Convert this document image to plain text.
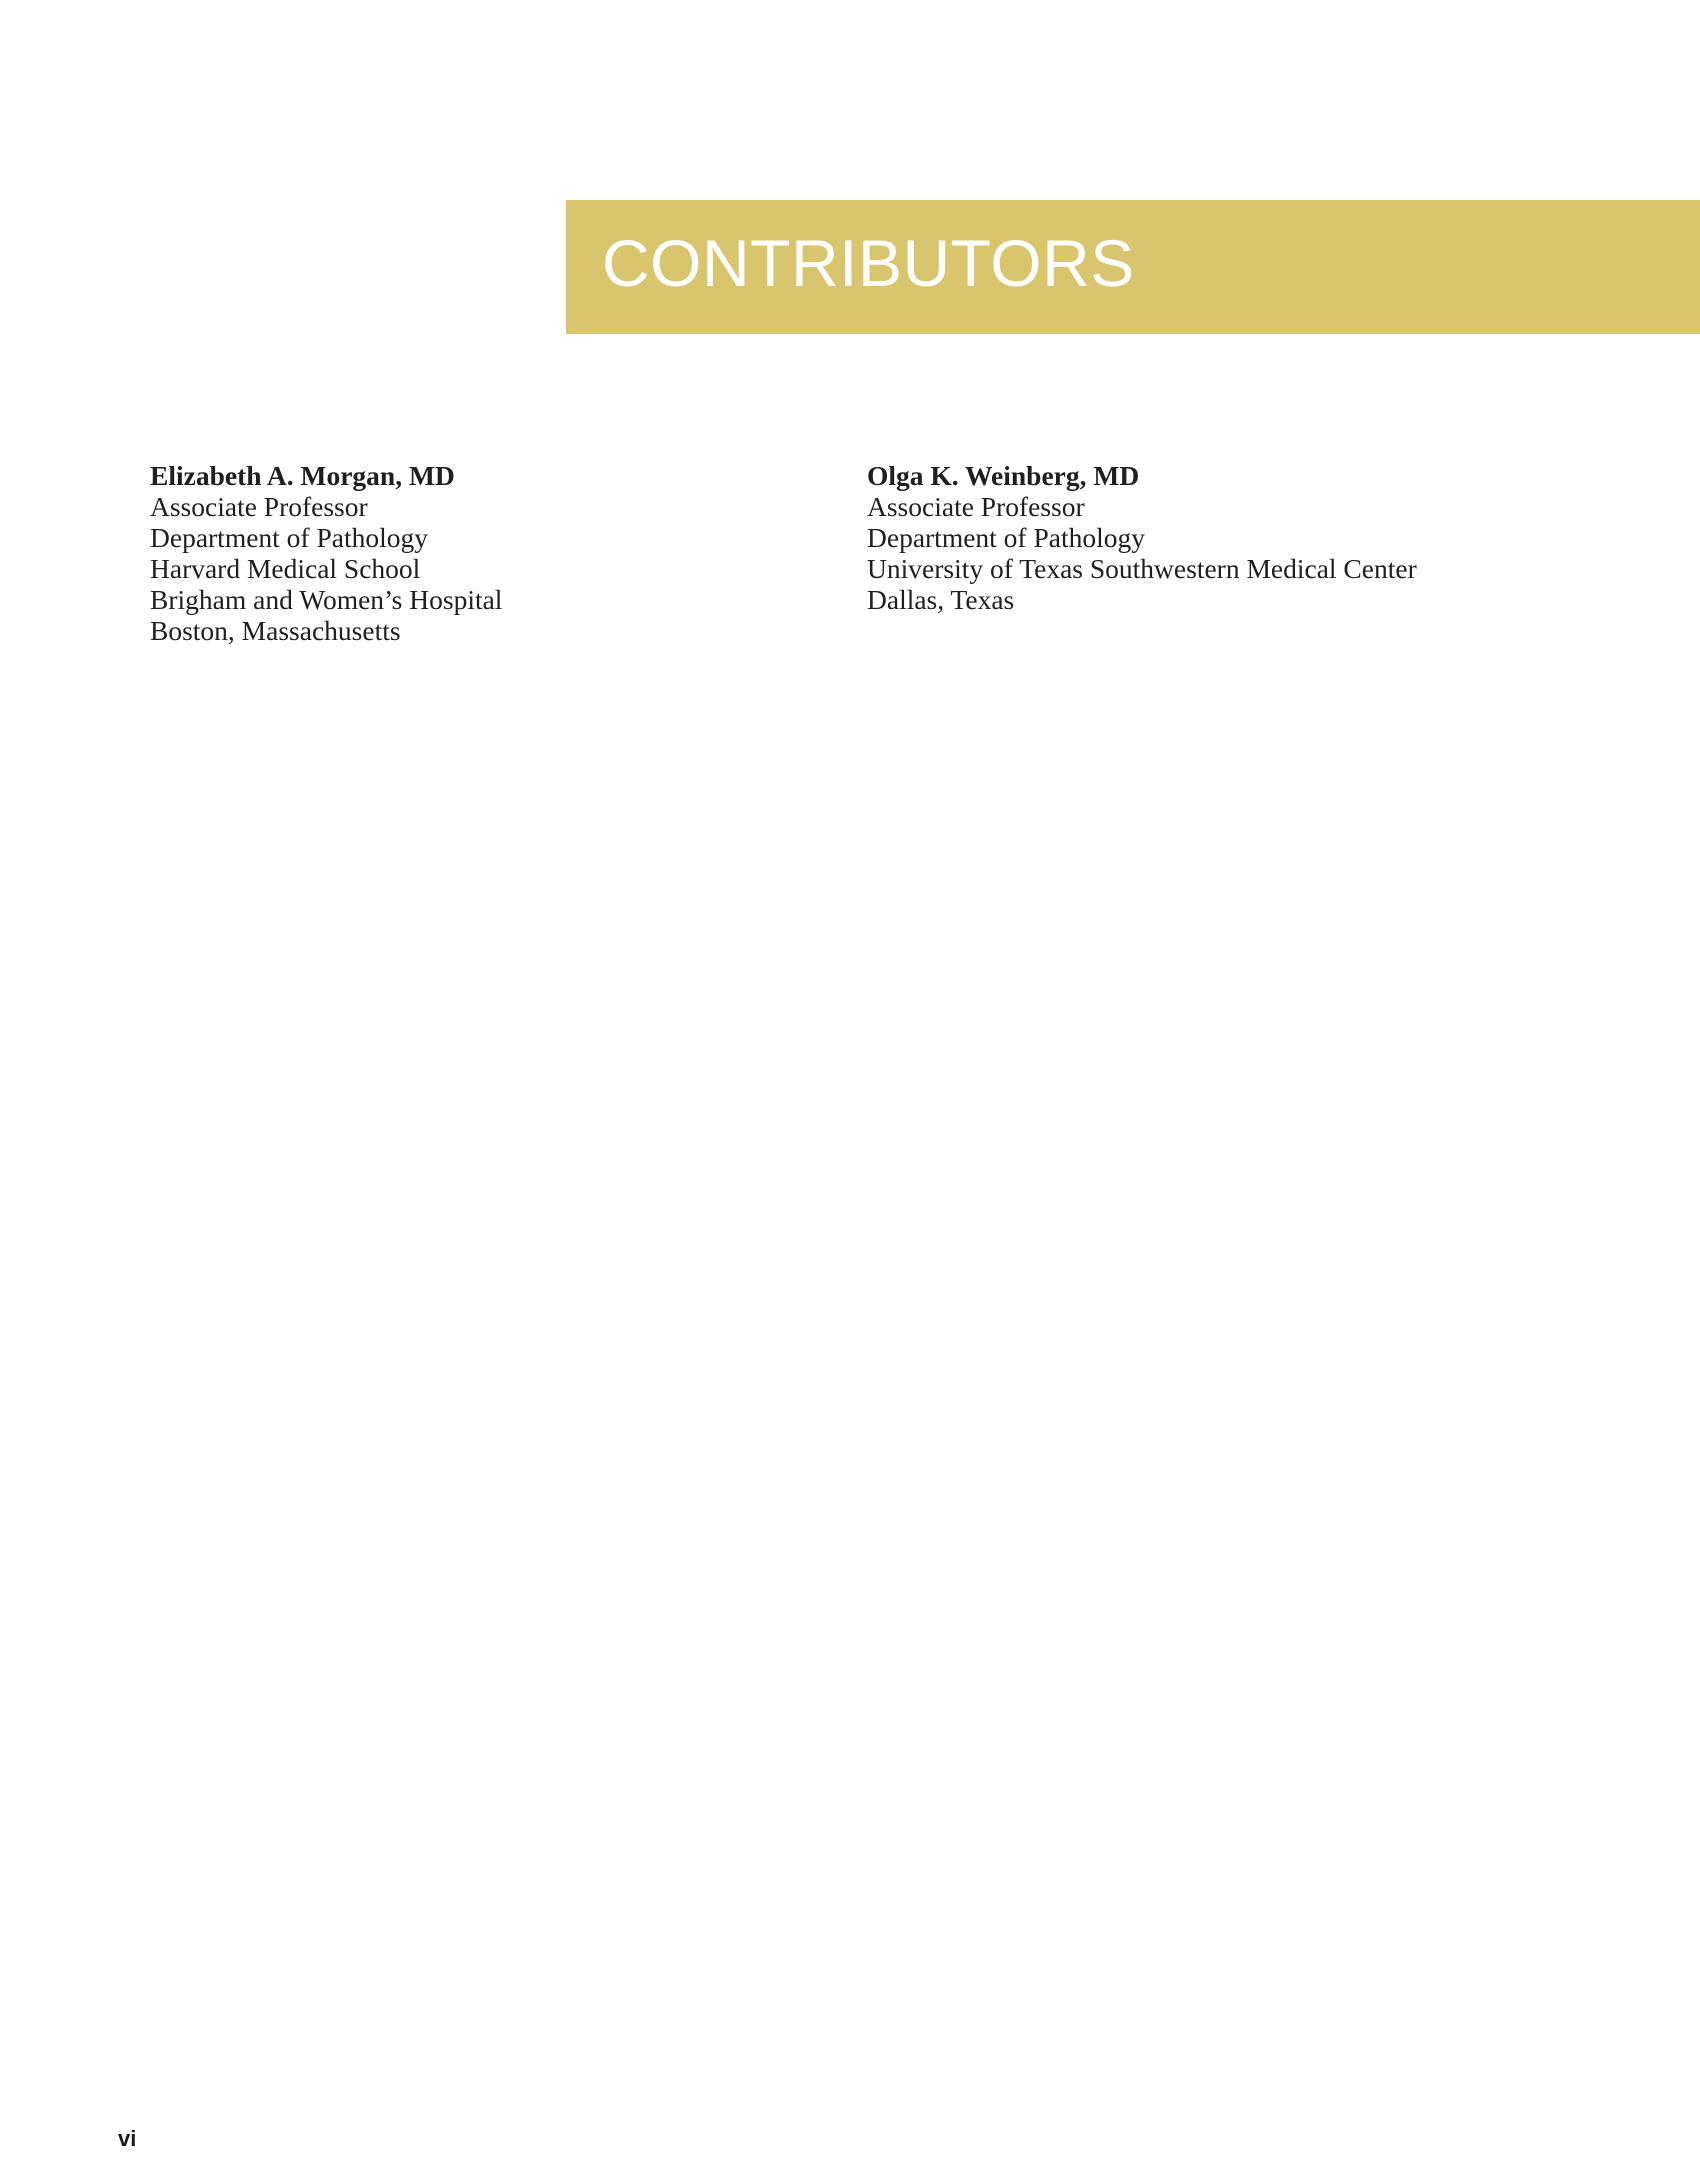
CONTRIBUTORS
Elizabeth A. Morgan, MD
Associate Professor
Department of Pathology
Harvard Medical School
Brigham and Women’s Hospital
Boston, Massachusetts
Olga K. Weinberg, MD
Associate Professor
Department of Pathology
University of Texas Southwestern Medical Center
Dallas, Texas
vi
